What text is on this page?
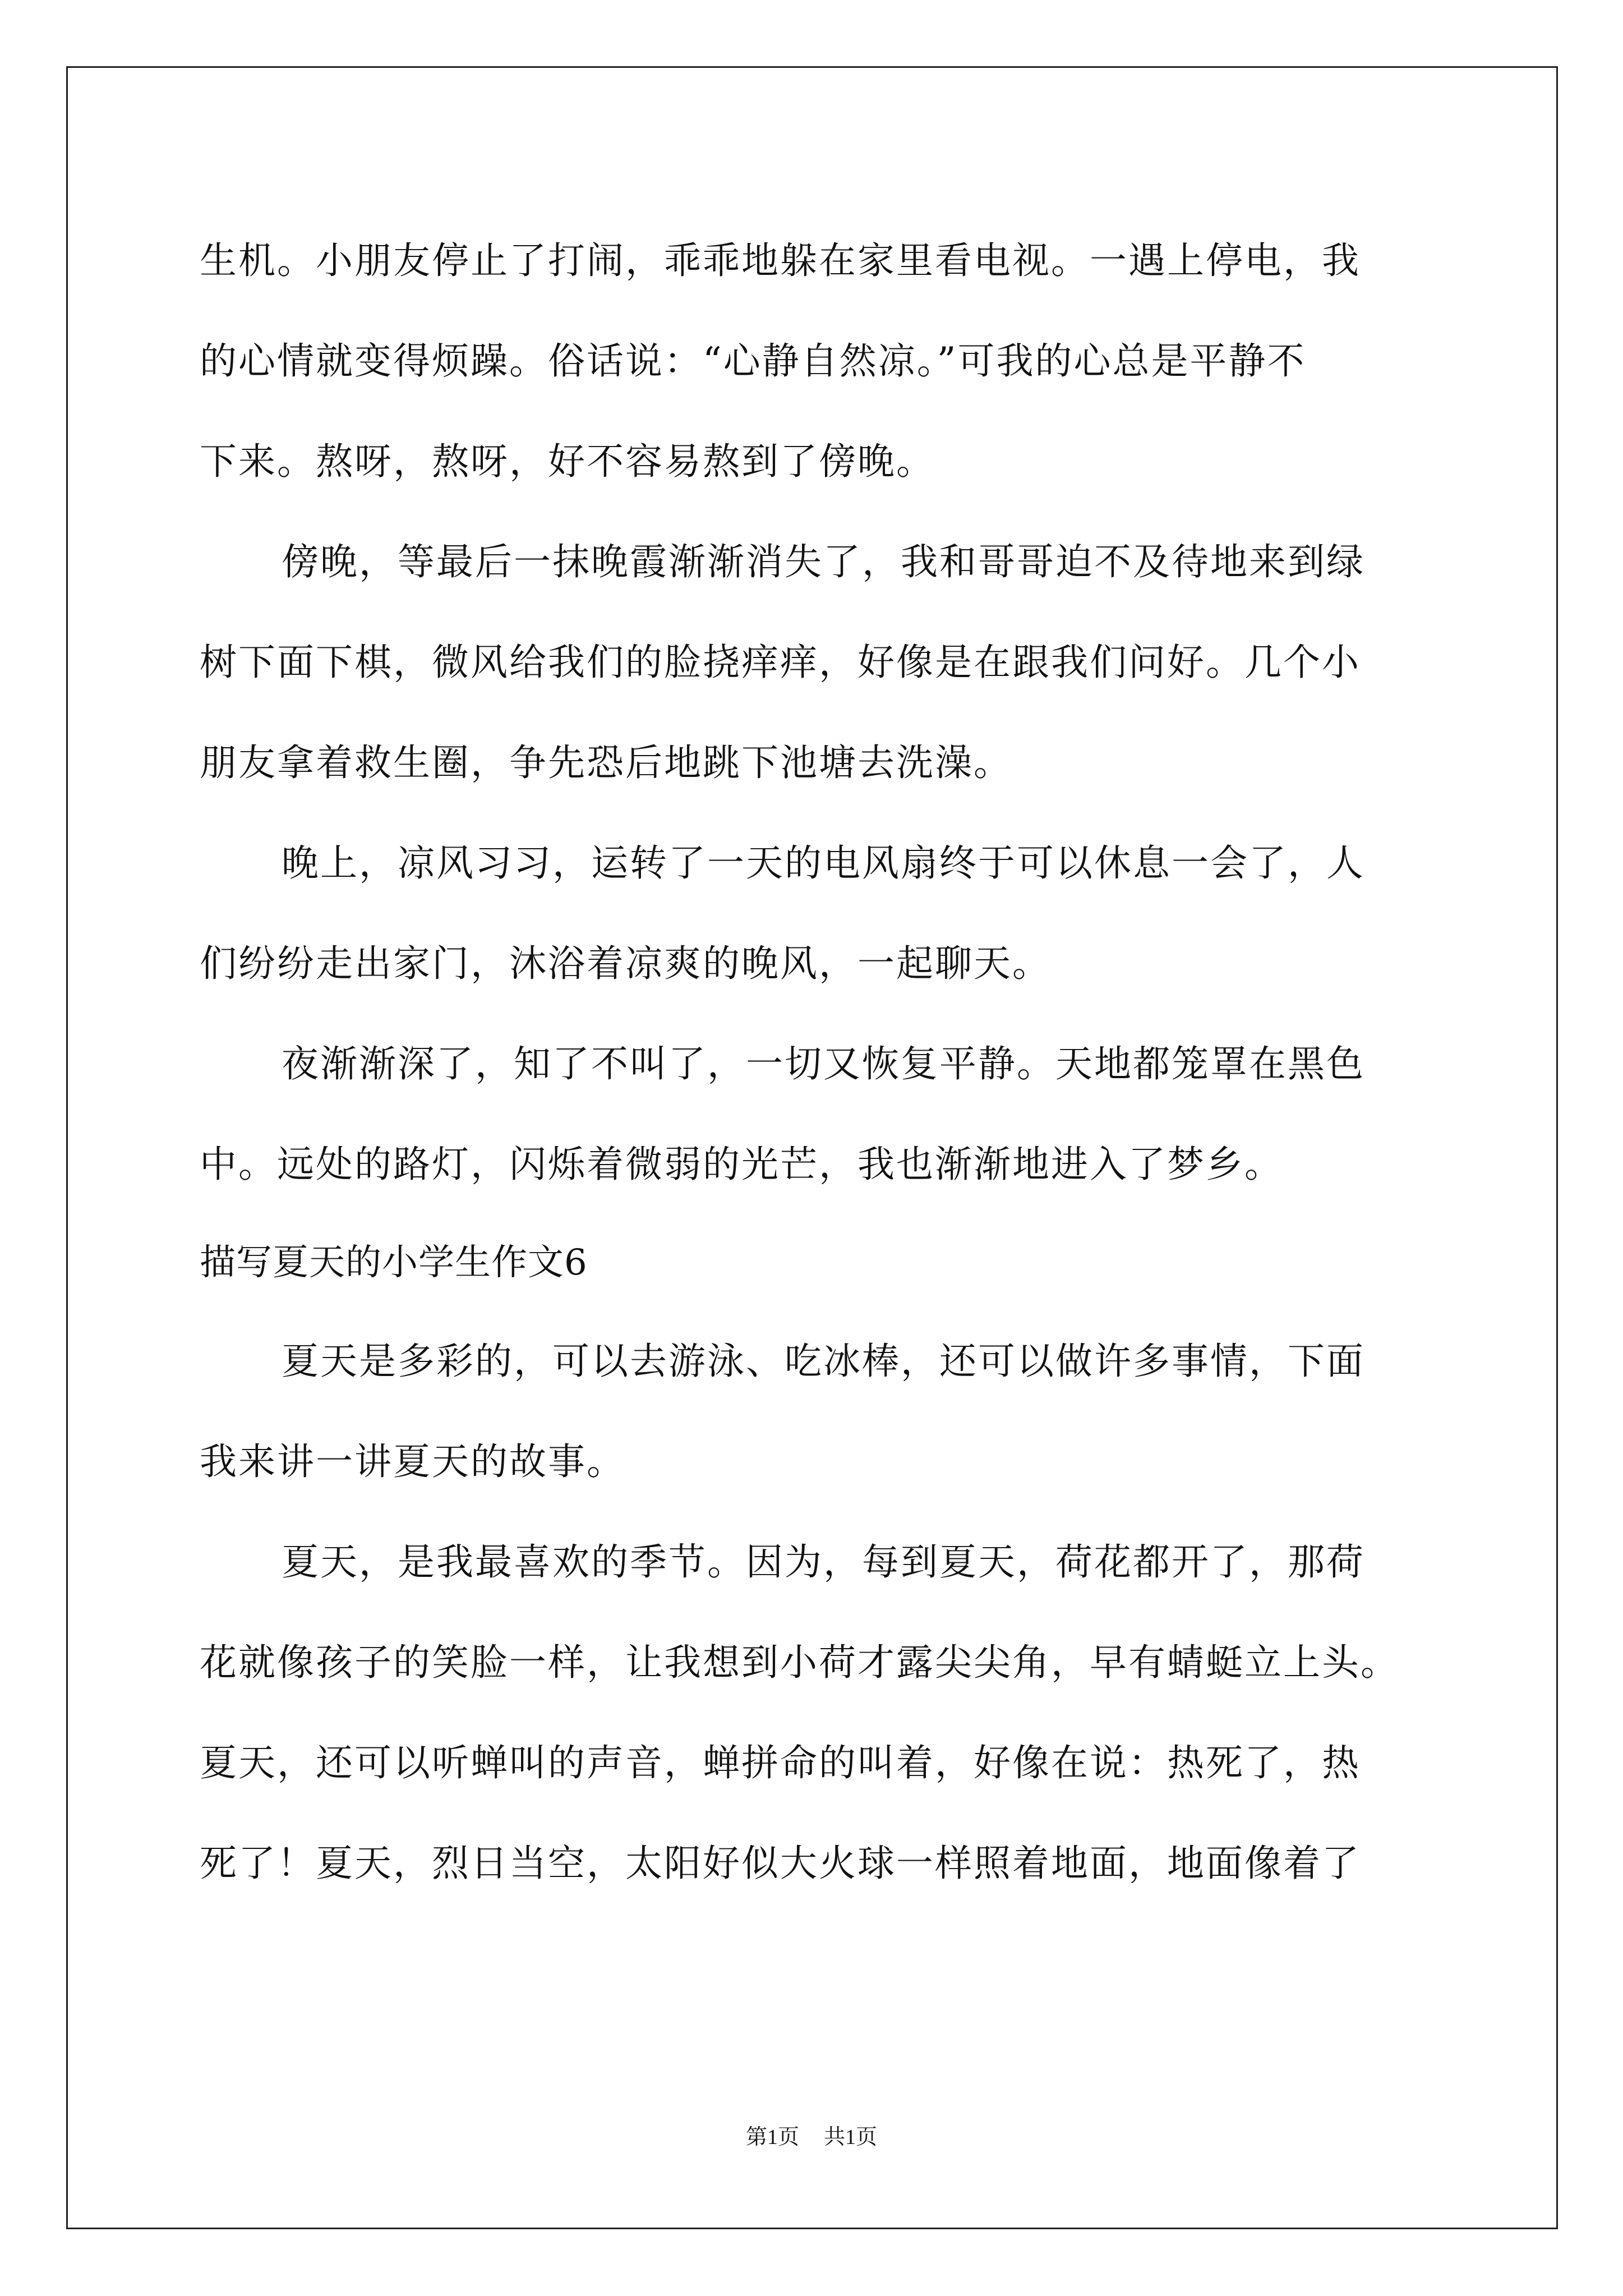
生机。小朋友停止了打闹，乖乖地躲在家里看电视。一遇上停电，我
的心情就变得烦躁。俗话说：“心静自然凉。”可我的心总是平静不
下来。熬呀，熬呀，好不容易熬到了傍晚。
傍晚，等最后一抹晚霞渐渐消失了，我和哥哥迫不及待地来到绿
树下面下棋，微风给我们的脸挠痒痒，好像是在跟我们问好。几个小
朋友拿着救生圈，争先恐后地跳下池塘去洗澡。
晚上，凉风习习，运转了一天的电风扇终于可以休息一会了，人
们纷纷走出家门，沐浴着凉爽的晚风，一起聊天。
夜渐渐深了，知了不叫了，一切又恢复平静。天地都笼罩在黑色
中。远处的路灯，闪烁着微弱的光芒，我也渐渐地进入了梦乡。
描写夏天的小学生作文6
夏天是多彩的，可以去游泳、吃冰棒，还可以做许多事情，下面
我来讲一讲夏天的故事。
夏天，是我最喜欢的季节。因为，每到夏天，荷花都开了，那荷
花就像孩子的笑脸一样，让我想到小荷才露尖尖角，早有蜻蜓立上头。
夏天，还可以听蝉叫的声音，蝉拼命的叫着，好像在说：热死了，热
死了！夏天，烈日当空，太阳好似大火球一样照着地面，地面像着了
第1页 共1页
